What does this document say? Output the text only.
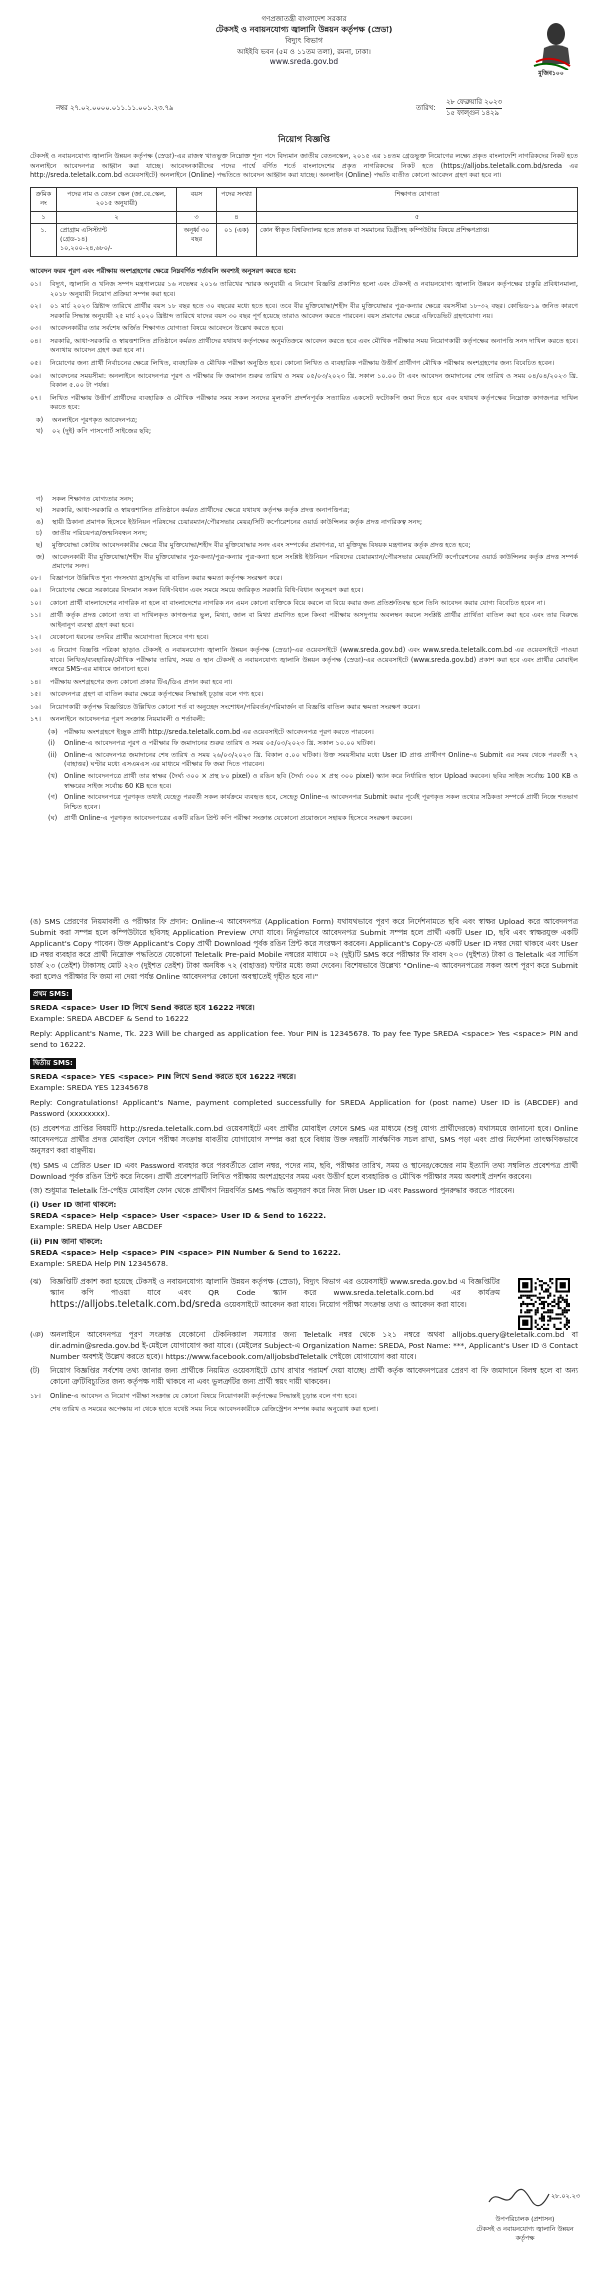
গণপ্রজাতন্ত্রী বাংলাদেশ সরকার
টেকসই ও নবায়নযোগ্য জ্বালানি উন্নয়ন কর্তৃপক্ষ (স্রেডা)
বিদ্যুৎ বিভাগ
আইইবি ভবন (৫ম ও ১১তম তলা), রমনা, ঢাকা।
www.sreda.gov.bd
মুজিব১০০
নম্বর ২৭.০২.০০০০.০১১.১১.০০১.২৩.৭৯	তারিখ:
২৮ ফেব্রুয়ারি ২০২৩
১৫ ফাল্গুন ১৪২৯
নিয়োগ বিজ্ঞপ্তি
টেকসই ও নবায়নযোগ্য জ্বালানি উন্নয়ন কর্তৃপক্ষ (স্রেডা)-এর রাজস্ব খাতভুক্ত নিম্নোক্ত শূন্য পদে বিদ্যমান জাতীয় বেতনস্কেল, ২০১৫ এর ১৪তম গ্রেডভুক্ত নিয়োগের লক্ষ্যে প্রকৃত বাংলাদেশি নাগরিকদের নিকট হতে অনলাইনে আবেদনপত্র আহ্বান করা যাচ্ছে। আবেদনকারীদের পদের পার্শ্বে বর্ণিত শর্তে বাংলাদেশের প্রকৃত নাগরিকদের নিকট হতে (https://alljobs.teletalk.com.bd/sreda এর http://sreda.teletalk.com.bd ওয়েবসাইটে) অনলাইনে (Online) পদ্ধতিতে আবেদন আহ্বান করা যাচ্ছে। অনলাইন (Online) পদ্ধতি ব্যতীত কোনো আবেদন গ্রহণ করা হবে না।
ক্রমিক নং	পদের নাম ও বেতন স্কেল (জা.বে.স্কেল, ২০১৫ অনুযায়ী)	বয়স	পদের সংখ্যা	শিক্ষাগত যোগ্যতা
১	২	৩	৪	৫
১.	প্রোগ্রাম এসিস্ট্যান্ট
(গ্রেড-১৪)
১০,২০০-২৪,৬৮০/-	অনূর্ধ্ব ৩০ বছর	০১ (এক)	কোন স্বীকৃত বিশ্ববিদ্যালয় হতে স্নাতক বা সমমানের ডিগ্রীসহ কম্পিউটার বিষয়ে প্রশিক্ষণপ্রাপ্ত।
আবেদন ফরম পূরণ এবং পরীক্ষায় অংশগ্রহণের ক্ষেত্রে নিম্নবর্ণিত শর্তাবলি অবশ্যই অনুসরণ করতে হবে:
০১। বিদ্যুৎ, জ্বালানি ও খনিজ সম্পদ মন্ত্রণালয়ের ১৬ নভেম্বর ২০১৬ তারিখের স্মারক অনুযায়ী এ নিয়োগ বিজ্ঞপ্তি প্রকাশিত হলো এবং টেকসই ও নবায়নযোগ্য জ্বালানি উন্নয়ন কর্তৃপক্ষের চাকুরি প্রবিধানমালা, ২০১৮ অনুযায়ী নিয়োগ প্রক্রিয়া সম্পন্ন করা হবে।
০২। ০১ মার্চ ২০২৩ খ্রিষ্টাব্দ তারিখে প্রার্থীর বয়স ১৮ বছর হতে ৩০ বছরের মধ্যে হতে হবে। তবে বীর মুক্তিযোদ্ধা/শহীদ বীর মুক্তিযোদ্ধার পুত্র-কন্যার ক্ষেত্রে বয়সসীমা ১৮-৩২ বছর। কোভিড-১৯ জনিত কারণে সরকারি সিদ্ধান্ত অনুযায়ী ২৫ মার্চ ২০২০ খ্রিষ্টাব্দ তারিখে যাদের বয়স ৩০ বছর পূর্ণ হয়েছে তারাও আবেদন করতে পারবেন। বয়স প্রমাণের ক্ষেত্রে এফিডেভিট গ্রহণযোগ্য নয়।
০৩। আবেদনকারীর তার সর্বশেষ অর্জিত শিক্ষাগত যোগ্যতা বিষয়ে আবেদনে উল্লেখ করতে হবে।
০৪। সরকারি, আধা-সরকারি ও স্বায়ত্তশাসিত প্রতিষ্ঠানে কর্মরত প্রার্থীদের যথাযথ কর্তৃপক্ষের অনুমতিক্রমে আবেদন করতে হবে এবং মৌখিক পরীক্ষার সময় নিয়োগকারী কর্তৃপক্ষের অনাপত্তি সনদ দাখিল করতে হবে। অন্যথায় আবেদন গ্রহণ করা হবে না।
০৫। নিয়োগের জন্য প্রার্থী নির্বাচনের ক্ষেত্রে লিখিত, ব্যবহারিক ও মৌখিক পরীক্ষা অনুষ্ঠিত হবে। কোনো লিখিত ও ব্যবহারিক পরীক্ষায় উত্তীর্ণ প্রার্থীগণ মৌখিক পরীক্ষায় অংশগ্রহণের জন্য বিবেচিত হবেন।
০৬। আবেদনের সময়সীমা: অনলাইনে আবেদনপত্র পূরণ ও পরীক্ষার ফি জমাদান শুরুর তারিখ ও সময় ০৫/০৩/২০২৩ খ্রি. সকাল ১০.০০ টা এবং আবেদন জমাদানের শেষ তারিখ ও সময় ০৪/০৪/২০২৩ খ্রি. বিকাল ৫.০০ টা পর্যন্ত।
০৭। লিখিত পরীক্ষায় উত্তীর্ণ প্রার্থীদের ব্যবহারিক ও মৌখিক পরীক্ষার সময় সকল সনদের মূলকপি প্রদর্শনপূর্বক সত্যায়িত একসেট ফটোকপি জমা দিতে হবে এবং যথাযথ কর্তৃপক্ষের নিম্নোক্ত কাগজপত্র দাখিল করতে হবে:
ক) অনলাইনে পূরণকৃত আবেদনপত্র;
খ) ০২ (দুই) কপি পাসপোর্ট সাইজের ছবি;
গ) সকল শিক্ষাগত যোগ্যতার সনদ;
ঘ) সরকারি, আধা-সরকারি ও স্বায়ত্তশাসিত প্রতিষ্ঠানে কর্মরত প্রার্থীদের ক্ষেত্রে যথাযথ কর্তৃপক্ষ কর্তৃক প্রদত্ত অনাপত্তিপত্র;
ঙ) স্থায়ী ঠিকানা প্রমাণক হিসেবে ইউনিয়ন পরিষদের চেয়ারম্যান/পৌরসভার মেয়র/সিটি কর্পোরেশনের ওয়ার্ড কাউন্সিলর কর্তৃক প্রদত্ত নাগরিকত্ব সনদ;
চ) জাতীয় পরিচয়পত্র/জন্মনিবন্ধন সনদ;
ছ) মুক্তিযোদ্ধা কোটায় আবেদনকারীর ক্ষেত্রে বীর মুক্তিযোদ্ধা/শহীদ বীর মুক্তিযোদ্ধার সনদ এবং সম্পর্কের প্রমাণপত্র, যা মুক্তিযুদ্ধ বিষয়ক মন্ত্রণালয় কর্তৃক প্রদত্ত হতে হবে;
জ) আবেদনকারী বীর মুক্তিযোদ্ধা/শহীদ বীর মুক্তিযোদ্ধার পুত্র-কন্যা/পুত্র-কন্যার পুত্র-কন্যা হলে সংশ্লিষ্ট ইউনিয়ন পরিষদের চেয়ারম্যান/পৌরসভার মেয়র/সিটি কর্পোরেশনের ওয়ার্ড কাউন্সিলর কর্তৃক প্রদত্ত সম্পর্ক প্রমাণের সনদ।
০৮। বিজ্ঞাপনে উল্লিখিত শূন্য পদসংখ্যা হ্রাস/বৃদ্ধি বা বাতিল করার ক্ষমতা কর্তৃপক্ষ সংরক্ষণ করে।
০৯। নিয়োগের ক্ষেত্রে সরকারের বিদ্যমান সকল বিধি-বিধান এবং সময়ে সময়ে জারিকৃত সরকারি বিধি-বিধান অনুসরণ করা হবে।
১০। কোনো প্রার্থী বাংলাদেশের নাগরিক না হলে বা বাংলাদেশের নাগরিক নন এমন কোনো ব্যক্তিকে বিয়ে করলে বা বিয়ে করার জন্য প্রতিশ্রুতিবদ্ধ হলে তিনি আবেদন করার যোগ্য বিবেচিত হবেন না।
১১। প্রার্থী কর্তৃক প্রদত্ত কোনো তথ্য বা দাখিলকৃত কাগজপত্র ভুল, মিথ্যা, জাল বা মিথ্যা প্রমাণিত হলে কিংবা পরীক্ষায় অসদুপায় অবলম্বন করলে সংশ্লিষ্ট প্রার্থীর প্রার্থিতা বাতিল করা হবে এবং তার বিরুদ্ধে আইনানুগ ব্যবস্থা গ্রহণ করা হবে।
১২। যেকোনো ধরনের তদবির প্রার্থীর অযোগ্যতা হিসেবে গণ্য হবে।
১৩। এ নিয়োগ বিজ্ঞপ্তি পত্রিকা ছাড়াও টেকসই ও নবায়নযোগ্য জ্বালানি উন্নয়ন কর্তৃপক্ষ (স্রেডা)-এর ওয়েবসাইটে (www.sreda.gov.bd) এবং www.sreda.teletalk.com.bd এর ওয়েবসাইটে পাওয়া যাবে। লিখিত/ব্যবহারিক/মৌখিক পরীক্ষার তারিখ, সময় ও স্থান টেকসই ও নবায়নযোগ্য জ্বালানি উন্নয়ন কর্তৃপক্ষ (স্রেডা)-এর ওয়েবসাইটে (www.sreda.gov.bd) প্রকাশ করা হবে এবং প্রার্থীর মোবাইল নম্বরে SMS-এর মাধ্যমে জানানো হবে।
১৪। পরীক্ষায় অংশগ্রহণের জন্য কোনো প্রকার টিএ/ডিএ প্রদান করা হবে না।
১৫। আবেদনপত্র গ্রহণ বা বাতিল করার ক্ষেত্রে কর্তৃপক্ষের সিদ্ধান্তই চূড়ান্ত বলে গণ্য হবে।
১৬। নিয়োগকারী কর্তৃপক্ষ বিজ্ঞপ্তিতে উল্লিখিত কোনো শর্ত বা অনুচ্ছেদ সংশোধন/পরিবর্তন/পরিমার্জন বা বিজ্ঞপ্তি বাতিল করার ক্ষমতা সংরক্ষণ করেন।
১৭। অনলাইনে আবেদনপত্র পূরণ সংক্রান্ত নিয়মাবলী ও শর্তাবলী:
(ক) পরীক্ষায় অংশগ্রহণে ইচ্ছুক প্রার্থী http://sreda.teletalk.com.bd এর ওয়েবসাইটে আবেদনপত্র পূরণ করতে পারবেন।
(i) Online-এ আবেদনপত্র পূরণ ও পরীক্ষার ফি জমাদানের শুরুর তারিখ ও সময় ০৫/০৩/২০২৩ খ্রি. সকাল ১০.০০ ঘটিকা।
(ii) Online-এ আবেদনপত্র জমাদানের শেষ তারিখ ও সময় ২৬/০৩/২০২৩ খ্রি. বিকাল ৫.০০ ঘটিকা। উক্ত সময়সীমার মধ্যে User ID প্রাপ্ত প্রার্থীগণ Online-এ Submit এর সময় থেকে পরবর্তী ৭২ (বাহাত্তর) ঘণ্টার মধ্যে এসএমএস এর মাধ্যমে পরীক্ষার ফি জমা দিতে পারবেন।
(খ) Online আবেদনপত্রে প্রার্থী তার স্বাক্ষর (দৈর্ঘ্য ৩০০ × প্রস্থ ৮০ pixel) ও রঙিন ছবি (দৈর্ঘ্য ৩০০ × প্রস্থ ৩০০ pixel) স্ক্যান করে নির্ধারিত স্থানে Upload করবেন। ছবির সাইজ সর্বোচ্চ 100 KB ও স্বাক্ষরের সাইজ সর্বোচ্চ 60 KB হতে হবে।
(গ) Online আবেদনপত্রে পূরণকৃত তথ্যই যেহেতু পরবর্তী সকল কার্যক্রমে ব্যবহৃত হবে, সেহেতু Online-এ আবেদনপত্র Submit করার পূর্বেই পূরণকৃত সকল তথ্যের সঠিকতা সম্পর্কে প্রার্থী নিজে শতভাগ নিশ্চিত হবেন।
(ঘ) প্রার্থী Online-এ পূরণকৃত আবেদনপত্রের একটি রঙিন প্রিন্ট কপি পরীক্ষা সংক্রান্ত যেকোনো প্রয়োজনে সহায়ক হিসেবে সংরক্ষণ করবেন।
(ঙ) SMS প্রেরণের নিয়মাবলী ও পরীক্ষার ফি প্রদান: Online-এ আবেদনপত্র (Application Form) যথাযথভাবে পূরণ করে নির্দেশনামতে ছবি এবং স্বাক্ষর Upload করে আবেদনপত্র Submit করা সম্পন্ন হলে কম্পিউটারে ছবিসহ Application Preview দেখা যাবে। নির্ভুলভাবে আবেদনপত্র Submit সম্পন্ন হলে প্রার্থী একটি User ID, ছবি এবং স্বাক্ষরযুক্ত একটি Applicant's Copy পাবেন। উক্ত Applicant's Copy প্রার্থী Download পূর্বক রঙিন প্রিন্ট করে সংরক্ষণ করবেন। Applicant's Copy-তে একটি User ID নম্বর দেয়া থাকবে এবং User ID নম্বর ব্যবহার করে প্রার্থী নিম্নোক্ত পদ্ধতিতে যেকোনো Teletalk Pre-paid Mobile নম্বরের মাধ্যমে ০২ (দুই)টি SMS করে পরীক্ষার ফি বাবদ ২০০ (দুইশত) টাকা ও Teletalk এর সার্ভিস চার্জ ২৩ (তেইশ) টাকাসহ মোট ২২৩ (দুইশত তেইশ) টাকা অনধিক ৭২ (বাহাত্তর) ঘণ্টার মধ্যে জমা দেবেন। বিশেষভাবে উল্লেখ্য "Online-এ আবেদনপত্রের সকল অংশ পূরণ করে Submit করা হলেও পরীক্ষার ফি জমা না দেয়া পর্যন্ত Online আবেদনপত্র কোনো অবস্থাতেই গৃহীত হবে না।"
প্রথম SMS:
SREDA <space> User ID লিখে Send করতে হবে 16222 নম্বরে।
Example: SREDA ABCDEF & Send to 16222
Reply: Applicant's Name, Tk. 223 Will be charged as application fee. Your PIN is 12345678. To pay fee Type SREDA <space> Yes <space> PIN and send to 16222.
দ্বিতীয় SMS:
SREDA <space> YES <space> PIN লিখে Send করতে হবে 16222 নম্বরে।
Example: SREDA YES 12345678
Reply: Congratulations! Applicant's Name, payment completed successfully for SREDA Application for (post name) User ID is (ABCDEF) and Password (xxxxxxxx).
(চ) প্রবেশপত্র প্রাপ্তির বিষয়টি http://sreda.teletalk.com.bd ওয়েবসাইটে এবং প্রার্থীর মোবাইল ফোনে SMS এর মাধ্যমে (শুধু যোগ্য প্রার্থীদেরকে) যথাসময়ে জানানো হবে। Online আবেদনপত্রে প্রার্থীর প্রদত্ত মোবাইল ফোনে পরীক্ষা সংক্রান্ত যাবতীয় যোগাযোগ সম্পন্ন করা হবে বিধায় উক্ত নম্বরটি সার্বক্ষণিক সচল রাখা, SMS পড়া এবং প্রাপ্ত নির্দেশনা তাৎক্ষণিকভাবে অনুসরণ করা বাঞ্ছনীয়।
(ছ) SMS এ প্রেরিত User ID এবং Password ব্যবহার করে পরবর্তীতে রোল নম্বর, পদের নাম, ছবি, পরীক্ষার তারিখ, সময় ও স্থানের/কেন্দ্রের নাম ইত্যাদি তথ্য সম্বলিত প্রবেশপত্র প্রার্থী Download পূর্বক রঙিন প্রিন্ট করে নিবেন। প্রার্থী প্রবেশপত্রটি লিখিত পরীক্ষায় অংশগ্রহণের সময় এবং উত্তীর্ণ হলে ব্যবহারিক ও মৌখিক পরীক্ষার সময় অবশ্যই প্রদর্শন করবেন।
(জ) শুধুমাত্র Teletalk প্রি-পেইড মোবাইল ফোন থেকে প্রার্থীগণ নিম্নবর্ণিত SMS পদ্ধতি অনুসরণ করে নিজ নিজ User ID এবং Password পুনরুদ্ধার করতে পারবেন।
(i) User ID জানা থাকলে:
SREDA <space> Help <space> User <space> User ID & Send to 16222.
Example: SREDA Help User ABCDEF
(ii) PIN জানা থাকলে:
SREDA <space> Help <space> PIN <space> PIN Number & Send to 16222.
Example: SREDA Help PIN 12345678.
(ঝ) বিজ্ঞপ্তিটি প্রকাশ করা হয়েছে টেকসই ও নবায়নযোগ্য জ্বালানি উন্নয়ন কর্তৃপক্ষ (স্রেডা), বিদ্যুৎ বিভাগ এর ওয়েবসাইট www.sreda.gov.bd এ বিজ্ঞপ্তিটির স্ক্যান কপি পাওয়া যাবে এবং QR Code স্ক্যান করে www.sreda.teletalk.com.bd এর কার্যক্রম https://alljobs.teletalk.com.bd/sreda ওয়েবসাইটে আবেদন করা যাবে। নিয়োগ পরীক্ষা সংক্রান্ত তথ্য ও আবেদন করা যাবে।
(ঞ) অনলাইনে আবেদনপত্র পূরণ সংক্রান্ত যেকোনো টেকনিক্যাল সমস্যার জন্য Teletalk নম্বর থেকে ১২১ নম্বরে অথবা alljobs.query@teletalk.com.bd বা dir.admin@sreda.gov.bd ই-মেইলে যোগাযোগ করা যাবে। (মেইলের Subject-এ Organization Name: SREDA, Post Name: ***, Applicant's User ID ও Contact Number অবশ্যই উল্লেখ করতে হবে)। https://www.facebook.com/alljobsbdTeletalk পেইজে যোগাযোগ করা যাবে।
(ট) নিয়োগ বিজ্ঞপ্তির সর্বশেষ তথ্য জানার জন্য প্রার্থীকে নিয়মিত ওয়েবসাইটে চোখ রাখার পরামর্শ দেয়া যাচ্ছে। প্রার্থী কর্তৃক আবেদনপত্রের প্রেরণ বা ফি জমাদানে বিলম্ব হলে বা অন্য কোনো ত্রুটিবিচ্যুতির জন্য কর্তৃপক্ষ দায়ী থাকবে না এবং ভুলত্রুটির জন্য প্রার্থী স্বয়ং দায়ী থাকবেন।
১৮। Online-এ আবেদন ও নিয়োগ পরীক্ষা সংক্রান্ত যে কোনো বিষয়ে নিয়োগকারী কর্তৃপক্ষের সিদ্ধান্তই চূড়ান্ত বলে গণ্য হবে।
শেষ তারিখ ও সময়ের অপেক্ষায় না থেকে হাতে যথেষ্ট সময় নিয়ে আবেদনকারীকে রেজিস্ট্রেশন সম্পন্ন করার অনুরোধ করা হলো।
২৮.০২.২৩
উপপরিচালক (প্রশাসন)
টেকসই ও নবায়নযোগ্য জ্বালানি উন্নয়ন কর্তৃপক্ষ
